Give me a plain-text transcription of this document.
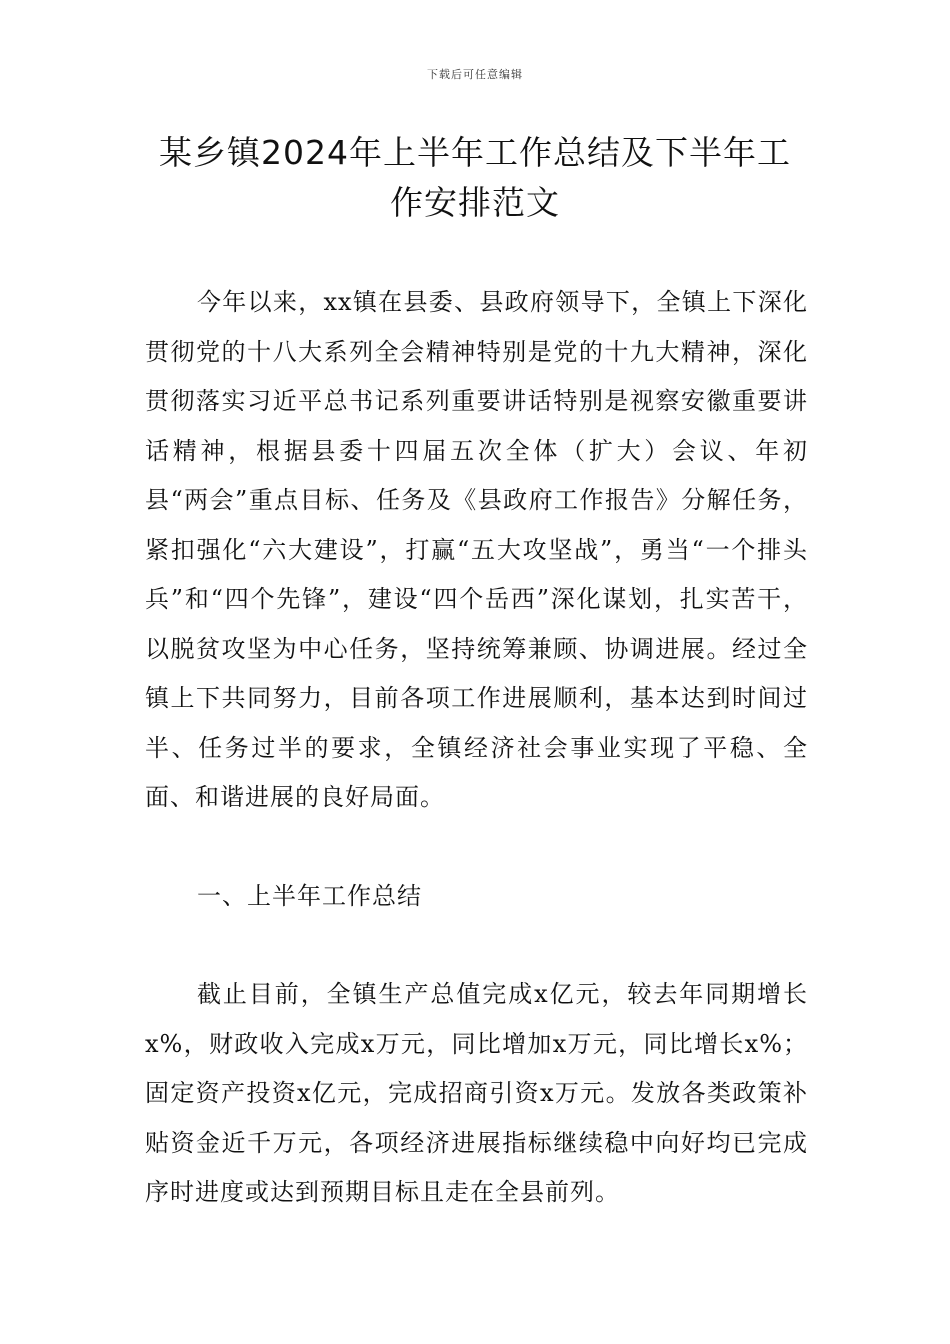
下载后可任意编辑
某乡镇2024年上半年工作总结及下半年工
作安排范文

今年以来，xx镇在县委、县政府领导下，全镇上下深化贯彻党的十八大系列全会精神特别是党的十九大精神，深化贯彻落实习近平总书记系列重要讲话特别是视察安徽重要讲话精神，根据县委十四届五次全体（扩大）会议、年初县“两会”重点目标、任务及《县政府工作报告》分解任务，紧扣强化“六大建设”，打赢“五大攻坚战”，勇当“一个排头兵”和“四个先锋”，建设“四个岳西”深化谋划，扎实苦干，以脱贫攻坚为中心任务，坚持统筹兼顾、协调进展。经过全镇上下共同努力，目前各项工作进展顺利，基本达到时间过半、任务过半的要求，全镇经济社会事业实现了平稳、全面、和谐进展的良好局面。

一、上半年工作总结

截止目前，全镇生产总值完成x亿元，较去年同期增长x%，财政收入完成x万元，同比增加x万元，同比增长x%；固定资产投资x亿元，完成招商引资x万元。发放各类政策补贴资金近千万元，各项经济进展指标继续稳中向好均已完成序时进度或达到预期目标且走在全县前列。
